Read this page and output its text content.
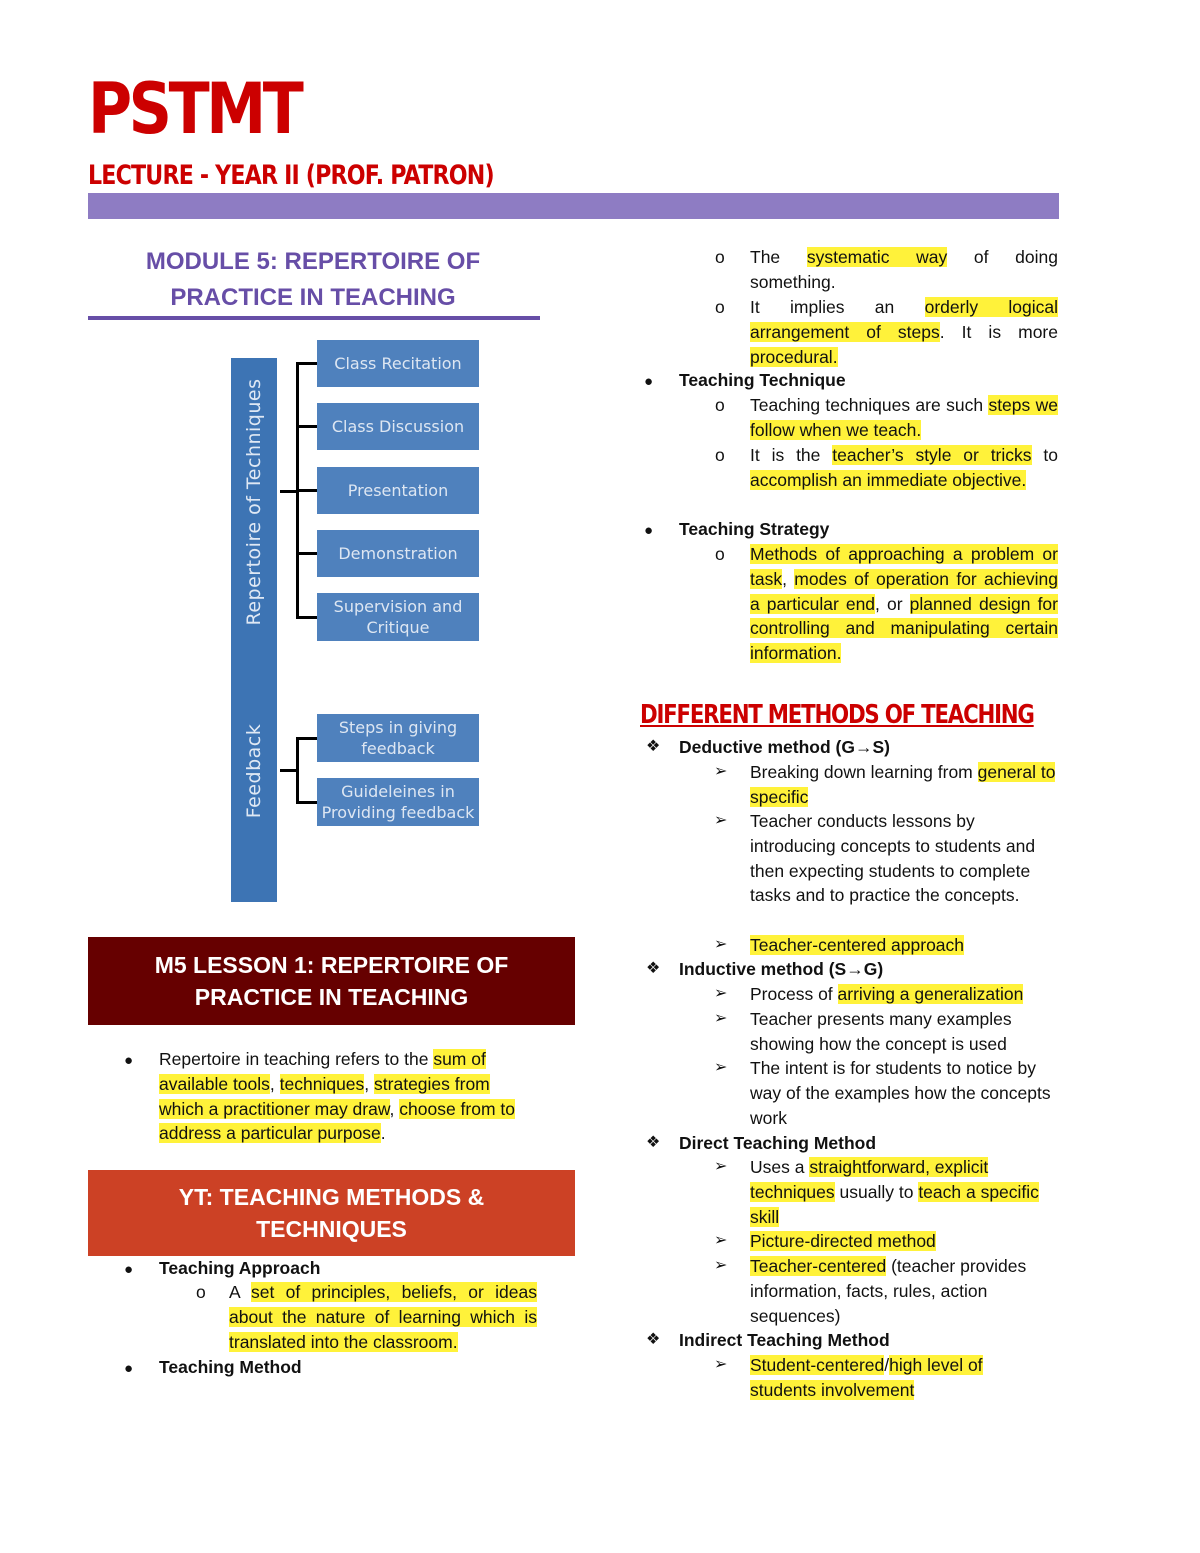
PSTMT
LECTURE - YEAR II (PROF. PATRON)
MODULE 5: REPERTOIRE OF
PRACTICE IN TEACHING
Repertoire of Techniques
Feedback
Class Recitation
Class Discussion
Presentation
Demonstration
Supervision and Critique
Steps in giving feedback
Guideleines in Providing feedback
M5 LESSON 1: REPERTOIRE OF
PRACTICE IN TEACHING
● Repertoire in teaching refers to the sum of available tools, techniques, strategies from which a practitioner may draw, choose from to address a particular purpose.
YT: TEACHING METHODS &
TECHNIQUES
● Teaching Approach
o A set of principles, beliefs, or ideas about the nature of learning which is translated into the classroom.
● Teaching Method
o The systematic way of doing something.
o It implies an orderly logical arrangement of steps. It is more procedural.
● Teaching Technique
o Teaching techniques are such steps we follow when we teach.
o It is the teacher’s style or tricks to accomplish an immediate objective.
● Teaching Strategy
o Methods of approaching a problem or task, modes of operation for achieving a particular end, or planned design for controlling and manipulating certain information.
DIFFERENT METHODS OF TEACHING
❖ Deductive method (G→S)
➢ Breaking down learning from general to specific
➢ Teacher conducts lessons by introducing concepts to students and then expecting students to complete tasks and to practice the concepts.
➢ Teacher-centered approach
❖ Inductive method (S→G)
➢ Process of arriving a generalization
➢ Teacher presents many examples showing how the concept is used
➢ The intent is for students to notice by way of the examples how the concepts work
❖ Direct Teaching Method
➢ Uses a straightforward, explicit techniques usually to teach a specific skill
➢ Picture-directed method
➢ Teacher-centered (teacher provides information, facts, rules, action sequences)
❖ Indirect Teaching Method
➢ Student-centered/high level of students involvement
